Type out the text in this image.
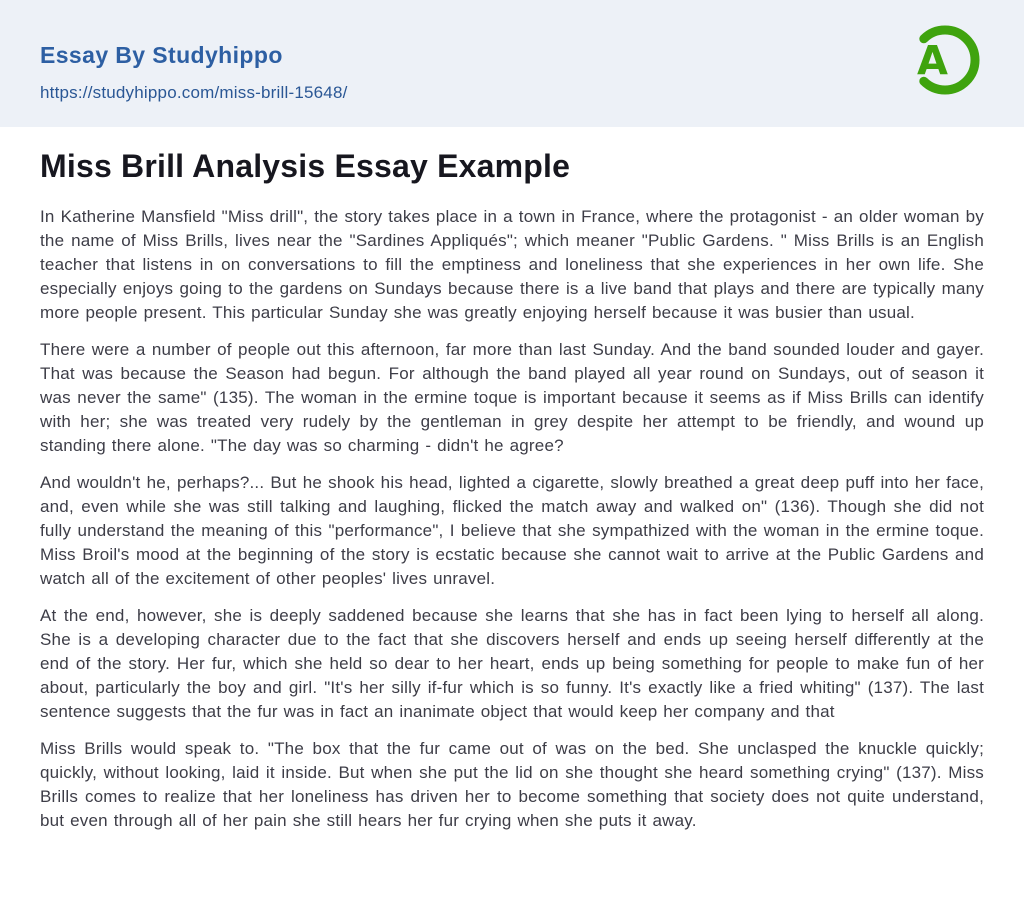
Essay By Studyhippo
https://studyhippo.com/miss-brill-15648/
A
Miss Brill Analysis Essay Example

In Katherine Mansfield "Miss drill", the story takes place in a town in France, where the protagonist - an older woman by the name of Miss Brills, lives near the "Sardines Appliqués"; which meaner "Public Gardens. " Miss Brills is an English teacher that listens in on conversations to fill the emptiness and loneliness that she experiences in her own life. She especially enjoys going to the gardens on Sundays because there is a live band that plays and there are typically many more people present. This particular Sunday she was greatly enjoying herself because it was busier than usual.

There were a number of people out this afternoon, far more than last Sunday. And the band sounded louder and gayer. That was because the Season had begun. For although the band played all year round on Sundays, out of season it was never the same" (135). The woman in the ermine toque is important because it seems as if Miss Brills can identify with her; she was treated very rudely by the gentleman in grey despite her attempt to be friendly, and wound up standing there alone. "The day was so charming - didn't he agree?

And wouldn't he, perhaps?... But he shook his head, lighted a cigarette, slowly breathed a great deep puff into her face, and, even while she was still talking and laughing, flicked the match away and walked on" (136). Though she did not fully understand the meaning of this "performance", I believe that she sympathized with the woman in the ermine toque. Miss Broil's mood at the beginning of the story is ecstatic because she cannot wait to arrive at the Public Gardens and watch all of the excitement of other peoples' lives unravel.

At the end, however, she is deeply saddened because she learns that she has in fact been lying to herself all along. She is a developing character due to the fact that she discovers herself and ends up seeing herself differently at the end of the story. Her fur, which she held so dear to her heart, ends up being something for people to make fun of her about, particularly the boy and girl. "It's her silly if-fur which is so funny. It's exactly like a fried whiting" (137). The last sentence suggests that the fur was in fact an inanimate object that would keep her company and that

Miss Brills would speak to. "The box that the fur came out of was on the bed. She unclasped the knuckle quickly; quickly, without looking, laid it inside. But when she put the lid on she thought she heard something crying" (137). Miss Brills comes to realize that her loneliness has driven her to become something that society does not quite understand, but even through all of her pain she still hears her fur crying when she puts it away.
